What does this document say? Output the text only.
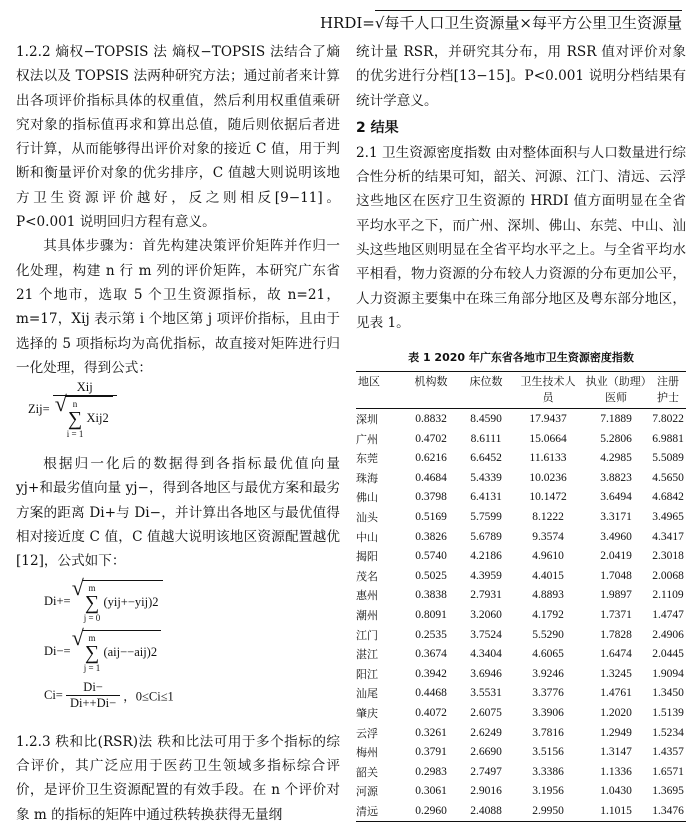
HRDI=√每千人口卫生资源量×每平方公里卫生资源量

1.2.2 熵权−TOPSIS 法 熵权−TOPSIS 法结合了熵权法以及 TOPSIS 法两种研究方法；通过前者来计算出各项评价指标具体的权重值，然后利用权重值乘研究对象的指标值再求和算出总值，随后则依据后者进行计算，从而能够得出评价对象的接近 C 值，用于判断和衡量评价对象的优劣排序，C 值越大则说明该地方卫生资源评价越好，反之则相反[9−11]。P<0.001 说明回归方程有意义。

其具体步骤为：首先构建决策评价矩阵并作归一化处理，构建 n 行 m 列的评价矩阵，本研究广东省 21 个地市，选取 5 个卫生资源指标，故 n=21，m=17，Xij 表示第 i 个地区第 j 项评价指标，且由于选择的 5 项指标均为高优指标，故直接对矩阵进行归一化处理，得到公式：

Zij= Xij
√ n
∑
i = 1 Xij2

根据归一化后的数据得到各指标最优值向量 yj+和最劣值向量 yj−，得到各地区与最优方案和最劣方案的距离 Di+与 Di−，并计算出各地区与最优值得相对接近度 C 值，C 值越大说明该地区资源配置越优[12]，公式如下：

Di+= √ m
∑
j = 0 (yij+−yij)2
Di−= √ m
∑
j = 1 (aij−−aij)2
$Ci= \frac{Di-}{Di++Di-}$ ，0≤Ci≤1

1.2.3 秩和比(RSR)法 秩和比法可用于多个指标的综合评价，其广泛应用于医药卫生领域多指标综合评价，是评价卫生资源配置的有效手段。在 n 个评价对象 m 的指标的矩阵中通过秩转换获得无量纲

统计量 RSR，并研究其分布，用 RSR 值对评价对象的优劣进行分档[13−15]。P<0.001 说明分档结果有统计学意义。

2 结果

2.1 卫生资源密度指数 由对整体面积与人口数量进行综合性分析的结果可知，韶关、河源、江门、清远、云浮这些地区在医疗卫生资源的 HRDI 值方面明显在全省平均水平之下，而广州、深圳、佛山、东莞、中山、汕头这些地区则明显在全省平均水平之上。与全省平均水平相看，物力资源的分布较人力资源的分布更加公平，人力资源主要集中在珠三角部分地区及粤东部分地区，见表 1。

表 1 2020 年广东省各地市卫生资源密度指数
地区	机构数	床位数	卫生技术人员	执业（助理）医师	注册护士
深圳	0.8832	8.4590	17.9437	7.1889	7.8022
广州	0.4702	8.6111	15.0664	5.2806	6.9881
东莞	0.6216	6.6452	11.6133	4.2985	5.5089
珠海	0.4684	5.4339	10.0236	3.8823	4.5650
佛山	0.3798	6.4131	10.1472	3.6494	4.6842
汕头	0.5169	5.7599	8.1222	3.3171	3.4965
中山	0.3826	5.6789	9.3574	3.4960	4.3417
揭阳	0.5740	4.2186	4.9610	2.0419	2.3018
茂名	0.5025	4.3959	4.4015	1.7048	2.0068
惠州	0.3838	2.7931	4.8893	1.9897	2.1109
潮州	0.8091	3.2060	4.1792	1.7371	1.4747
江门	0.2535	3.7524	5.5290	1.7828	2.4906
湛江	0.3674	4.3404	4.6065	1.6474	2.0445
阳江	0.3942	3.6946	3.9246	1.3245	1.9094
汕尾	0.4468	3.5531	3.3776	1.4761	1.3450
肇庆	0.4072	2.6075	3.3906	1.2020	1.5139
云浮	0.3261	2.6249	3.7816	1.2949	1.5234
梅州	0.3791	2.6690	3.5156	1.3147	1.4357
韶关	0.2983	2.7497	3.3386	1.1336	1.6571
河源	0.3061	2.9016	3.1956	1.0430	1.3695
清远	0.2960	2.4088	2.9950	1.1015	1.3476
